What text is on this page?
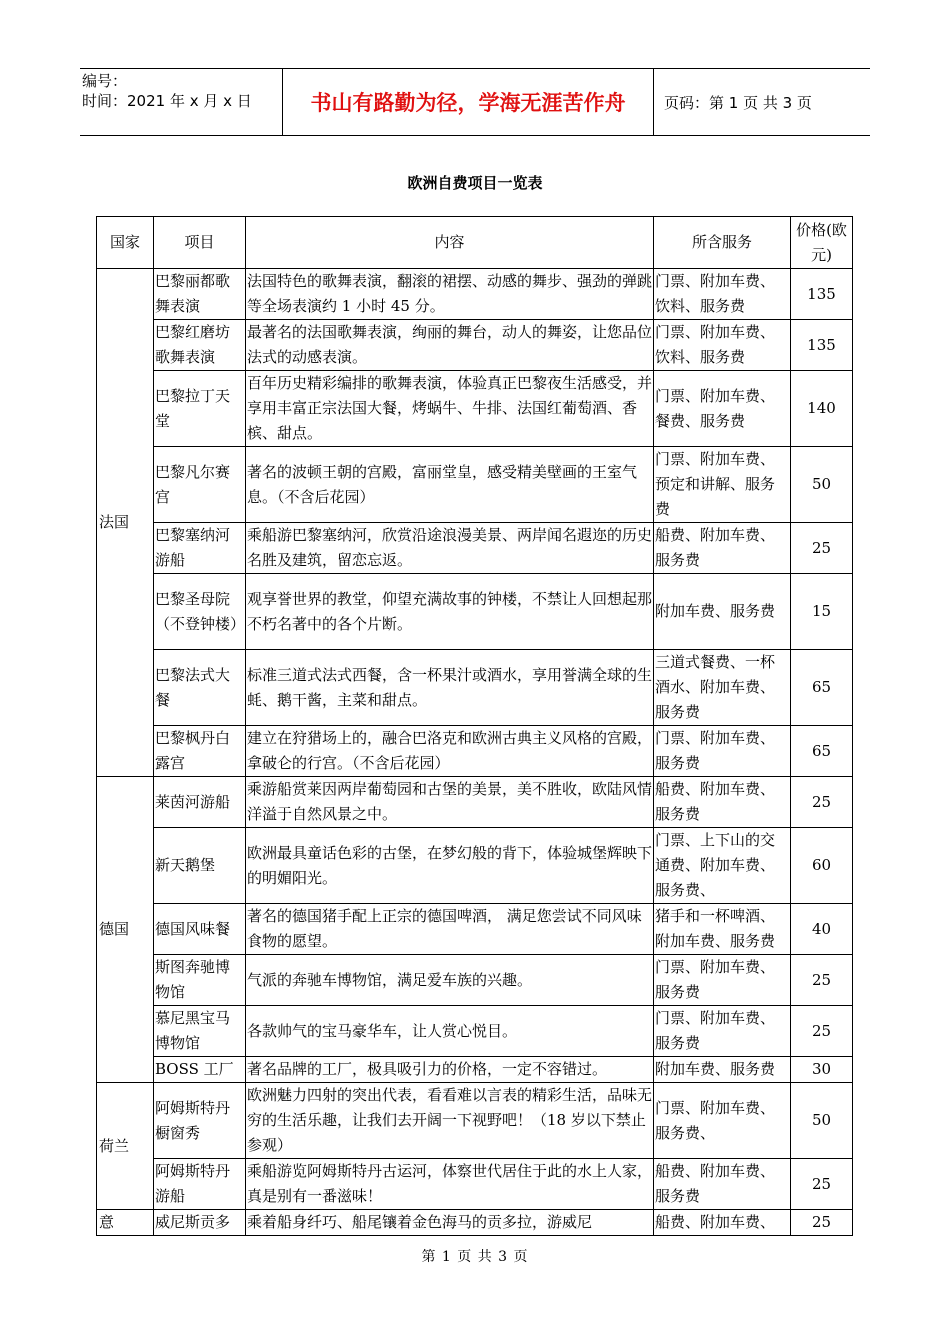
编号：
时间：2021 年 x 月 x 日	书山有路勤为径，学海无涯苦作舟	页码：第 1 页 共 3 页
欧洲自费项目一览表
国家	项目	内容	所含服务	价格(欧元)
法国	巴黎丽都歌舞表演	法国特色的歌舞表演，翻滚的裙摆、动感的舞步、强劲的弹跳等全场表演约 1 小时 45 分。	门票、附加车费、饮料、服务费	135
	巴黎红磨坊歌舞表演	最著名的法国歌舞表演，绚丽的舞台，动人的舞姿，让您品位法式的动感表演。	门票、附加车费、饮料、服务费	135
	巴黎拉丁天堂	百年历史精彩编排的歌舞表演，体验真正巴黎夜生活感受，并享用丰富正宗法国大餐，烤蜗牛、牛排、法国红葡萄酒、香槟、甜点。	门票、附加车费、餐费、服务费	140
	巴黎凡尔赛宫	著名的波顿王朝的宫殿，富丽堂皇，感受精美壁画的王室气息。（不含后花园）	门票、附加车费、预定和讲解、服务费	50
	巴黎塞纳河游船	乘船游巴黎塞纳河，欣赏沿途浪漫美景、两岸闻名遐迩的历史名胜及建筑，留恋忘返。	船费、附加车费、服务费	25
	巴黎圣母院（不登钟楼）	观享誉世界的教堂，仰望充满故事的钟楼，不禁让人回想起那不朽名著中的各个片断。	附加车费、服务费	15
	巴黎法式大餐	标准三道式法式西餐，含一杯果汁或酒水，享用誉满全球的生蚝、鹅干酱，主菜和甜点。	三道式餐费、一杯酒水、附加车费、服务费	65
	巴黎枫丹白露宫	建立在狩猎场上的，融合巴洛克和欧洲古典主义风格的宫殿，拿破仑的行宫。（不含后花园）	门票、附加车费、服务费	65
德国	莱茵河游船	乘游船赏莱因两岸葡萄园和古堡的美景，美不胜收，欧陆风情洋溢于自然风景之中。	船费、附加车费、服务费	25
	新天鹅堡	欧洲最具童话色彩的古堡，在梦幻般的背下，体验城堡辉映下的明媚阳光。	门票、上下山的交通费、附加车费、服务费、	60
	德国风味餐	著名的德国猪手配上正宗的德国啤酒， 满足您尝试不同风味食物的愿望。	猪手和一杯啤酒、附加车费、服务费	40
	斯图奔驰博物馆	气派的奔驰车博物馆，满足爱车族的兴趣。	门票、附加车费、服务费	25
	慕尼黑宝马博物馆	各款帅气的宝马豪华车，让人赏心悦目。	门票、附加车费、服务费	25
	BOSS 工厂	著名品牌的工厂，极具吸引力的价格，一定不容错过。	附加车费、服务费	30
荷兰	阿姆斯特丹橱窗秀	欧洲魅力四射的突出代表，看看难以言表的精彩生活，品味无穷的生活乐趣，让我们去开阔一下视野吧！（18 岁以下禁止参观）	门票、附加车费、服务费、	50
	阿姆斯特丹游船	乘船游览阿姆斯特丹古运河，体察世代居住于此的水上人家，真是别有一番滋味！	船费、附加车费、服务费	25
意	威尼斯贡多	乘着船身纤巧、船尾镶着金色海马的贡多拉，游威尼	船费、附加车费、	25
第 1 页 共 3 页
